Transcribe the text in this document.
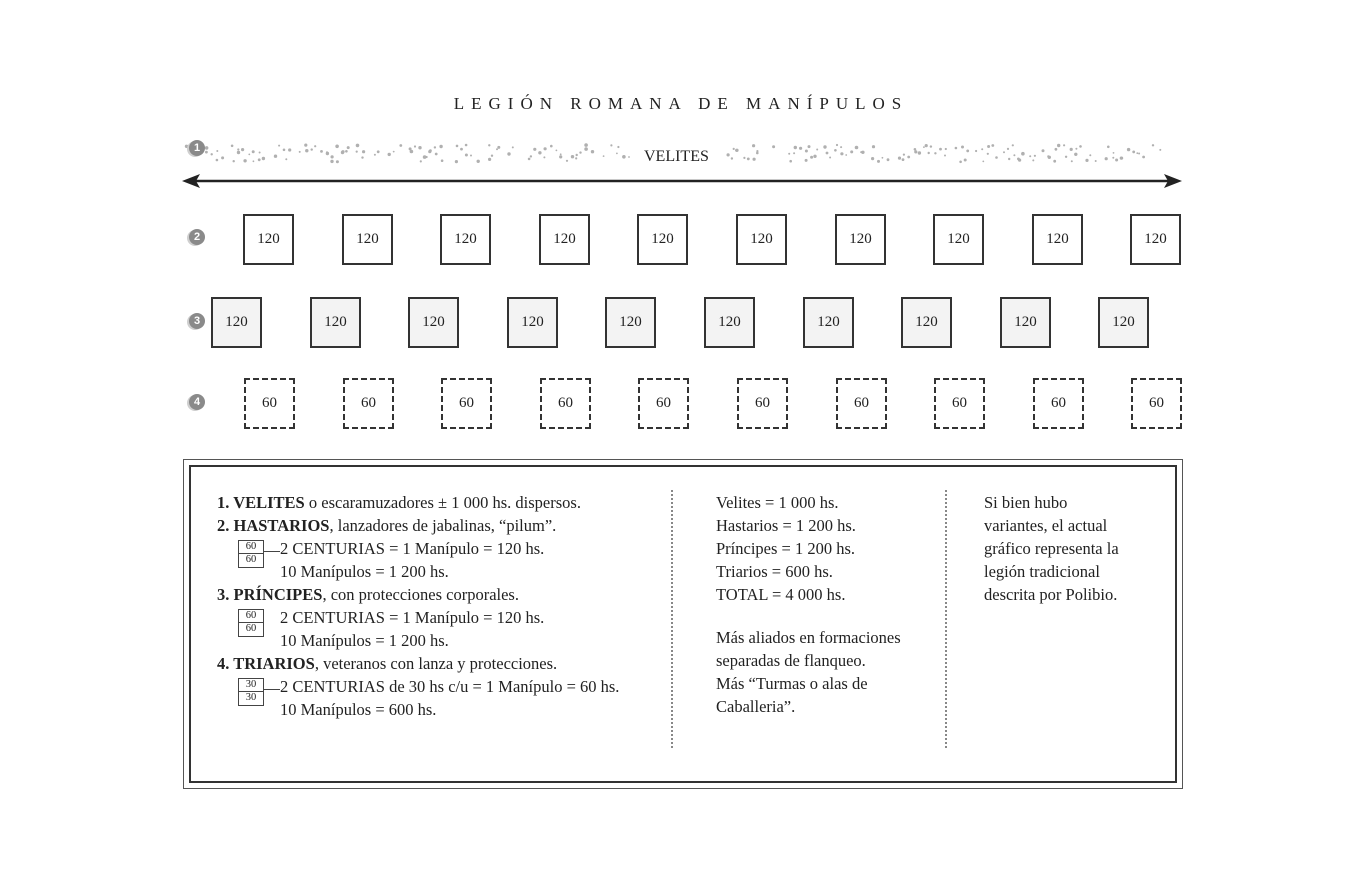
LEGIÓN ROMANA DE MANÍPULOS
VELITES
1
2
3
4
120	120	120	120	120	120	120	120	120	120
120	120	120	120	120	120	120	120	120	120
60	60	60	60	60	60	60	60	60	60
1. VELITES o escaramuzadores ± 1 000 hs. dispersos.
2. HASTARIOS, lanzadores de jabalinas, “pilum”.
$\frac{60}{60} 2$ CENTURIAS = 1 Manípulo = 120 hs.
10 Manípulos = 1 200 hs.
3. PRÍNCIPES, con protecciones corporales.
$\frac{60}{60} 2$ CENTURIAS = 1 Manípulo = 120 hs.
10 Manípulos = 1 200 hs.
4. TRIARIOS, veteranos con lanza y protecciones.
$\frac{30}{30} 2$ CENTURIAS de 30 hs c/u = 1 Manípulo = 60 hs.
10 Manípulos = 600 hs.
Velites = 1 000 hs.
Hastarios = 1 200 hs.
Príncipes = 1 200 hs.
Triarios = 600 hs.
TOTAL = 4 000 hs.
Más aliados en formaciones
separadas de flanqueo.
Más “Turmas o alas de
Caballeria”.
Si bien hubo
variantes, el actual
gráfico representa la
legión tradicional
descrita por Polibio.
